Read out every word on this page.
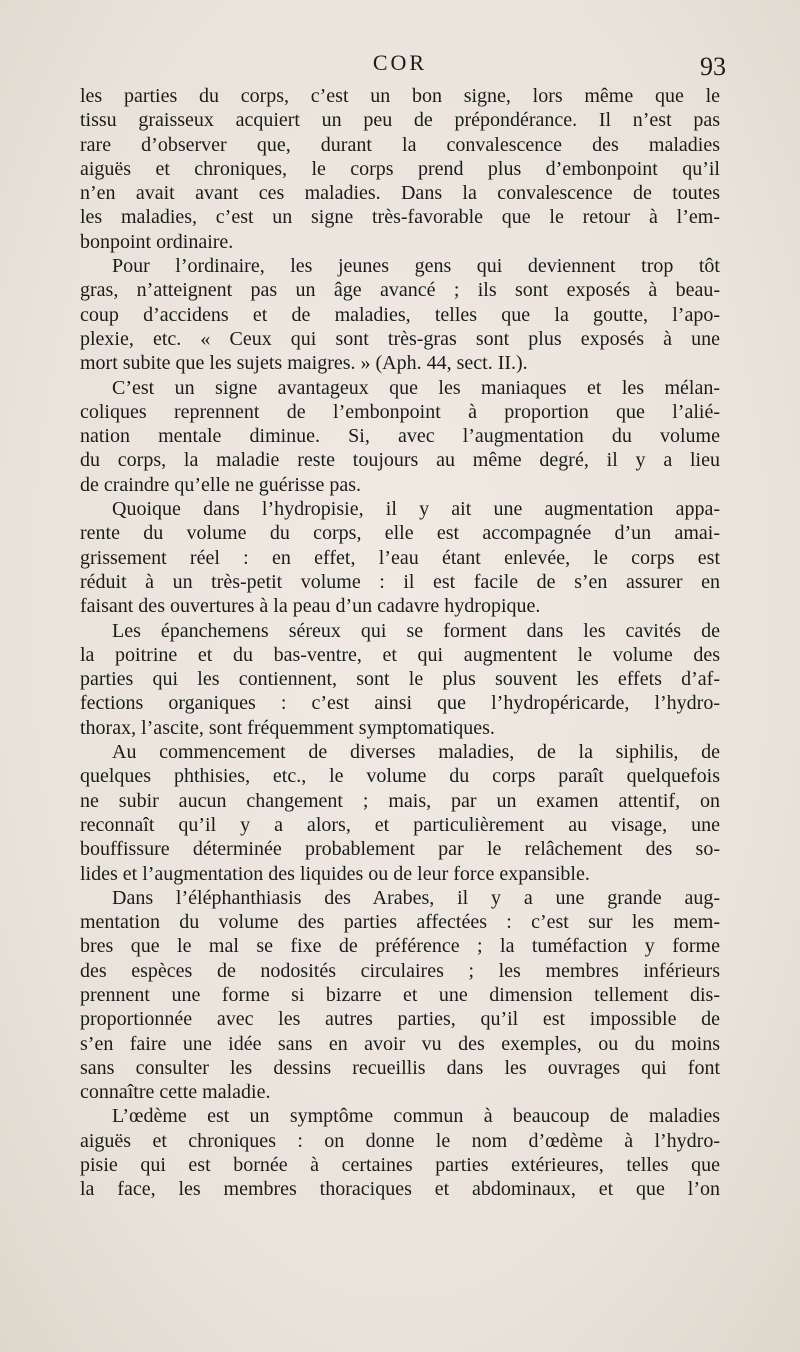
COR	93

les parties du corps, c’est un bon signe, lors même que le

tissu graisseux acquiert un peu de prépondérance. Il n’est pas

rare d’observer que, durant la convalescence des maladies

aiguës et chroniques, le corps prend plus d’embonpoint qu’il

n’en avait avant ces maladies. Dans la convalescence de toutes

les maladies, c’est un signe très-favorable que le retour à l’em-

bonpoint ordinaire.

Pour l’ordinaire, les jeunes gens qui deviennent trop tôt

gras, n’atteignent pas un âge avancé ; ils sont exposés à beau-

coup d’accidens et de maladies, telles que la goutte, l’apo-

plexie, etc. « Ceux qui sont très-gras sont plus exposés à une

mort subite que les sujets maigres. » (Aph. 44, sect. II.).

C’est un signe avantageux que les maniaques et les mélan-

coliques reprennent de l’embonpoint à proportion que l’alié-

nation mentale diminue. Si, avec l’augmentation du volume

du corps, la maladie reste toujours au même degré, il y a lieu

de craindre qu’elle ne guérisse pas.

Quoique dans l’hydropisie, il y ait une augmentation appa-

rente du volume du corps, elle est accompagnée d’un amai-

grissement réel : en effet, l’eau étant enlevée, le corps est

réduit à un très-petit volume : il est facile de s’en assurer en

faisant des ouvertures à la peau d’un cadavre hydropique.

Les épanchemens séreux qui se forment dans les cavités de

la poitrine et du bas-ventre, et qui augmentent le volume des

parties qui les contiennent, sont le plus souvent les effets d’af-

fections organiques : c’est ainsi que l’hydropéricarde, l’hydro-

thorax, l’ascite, sont fréquemment symptomatiques.

Au commencement de diverses maladies, de la siphilis, de

quelques phthisies, etc., le volume du corps paraît quelquefois

ne subir aucun changement ; mais, par un examen attentif, on

reconnaît qu’il y a alors, et particulièrement au visage, une

bouffissure déterminée probablement par le relâchement des so-

lides et l’augmentation des liquides ou de leur force expansible.

Dans l’éléphanthiasis des Arabes, il y a une grande aug-

mentation du volume des parties affectées : c’est sur les mem-

bres que le mal se fixe de préférence ; la tuméfaction y forme

des espèces de nodosités circulaires ; les membres inférieurs

prennent une forme si bizarre et une dimension tellement dis-

proportionnée avec les autres parties, qu’il est impossible de

s’en faire une idée sans en avoir vu des exemples, ou du moins

sans consulter les dessins recueillis dans les ouvrages qui font

connaître cette maladie.

L’œdème est un symptôme commun à beaucoup de maladies

aiguës et chroniques : on donne le nom d’œdème à l’hydro-

pisie qui est bornée à certaines parties extérieures, telles que

la face, les membres thoraciques et abdominaux, et que l’on
